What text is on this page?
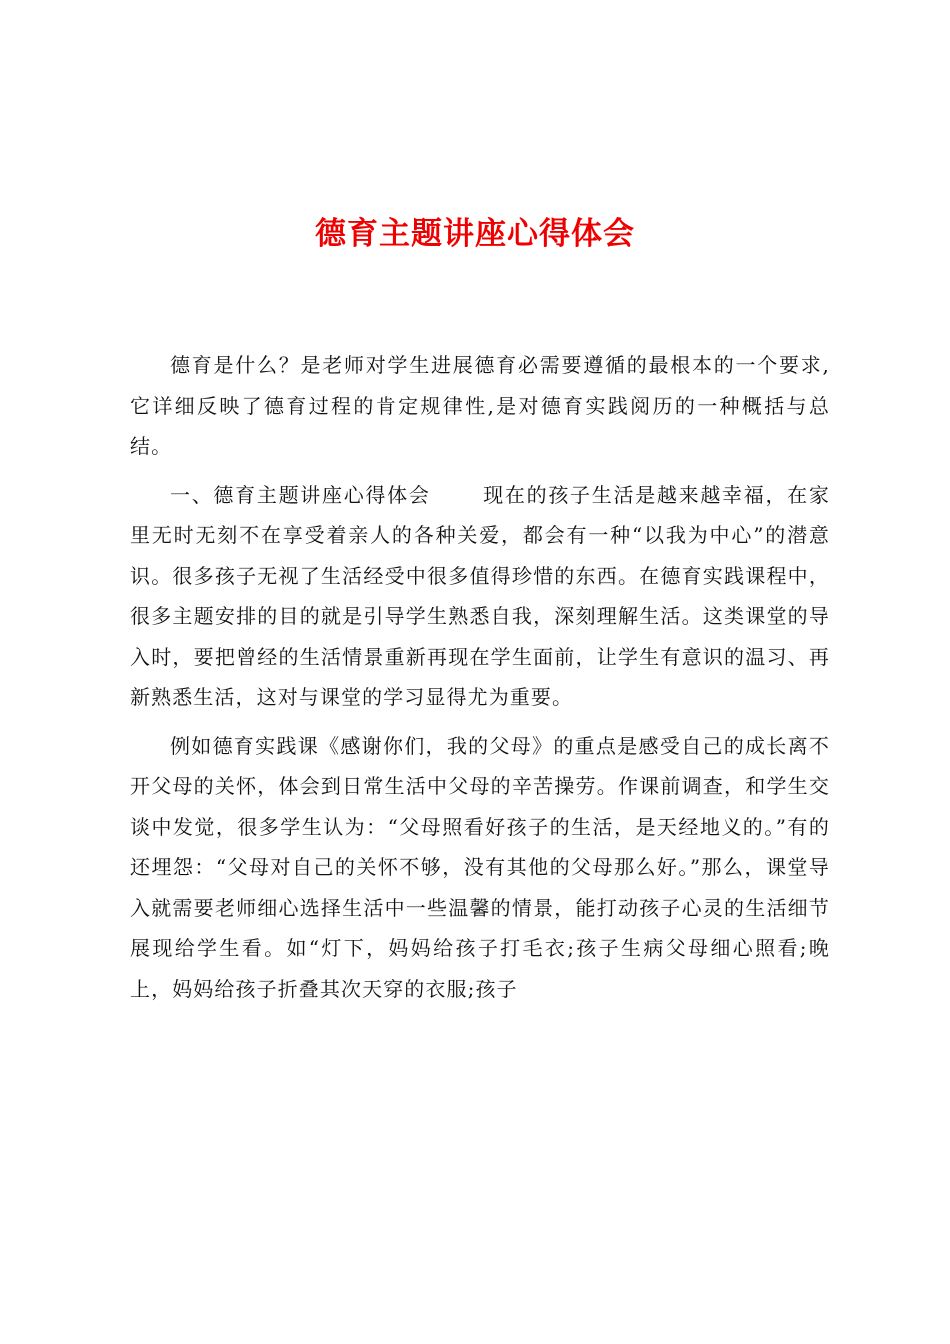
德育主题讲座心得体会

德育是什么？是老师对学生进展德育必需要遵循的最根本的一个要求,它详细反映了德育过程的肯定规律性,是对德育实践阅历的一种概括与总结。

一、德育主题讲座心得体会	现在的孩子生活是越来越幸福，在家里无时无刻不在享受着亲人的各种关爱，都会有一种“以我为中心”的潜意识。很多孩子无视了生活经受中很多值得珍惜的东西。在德育实践课程中，很多主题安排的目的就是引导学生熟悉自我，深刻理解生活。这类课堂的导入时，要把曾经的生活情景重新再现在学生面前，让学生有意识的温习、再新熟悉生活，这对与课堂的学习显得尤为重要。

例如德育实践课《感谢你们，我的父母》的重点是感受自己的成长离不开父母的关怀，体会到日常生活中父母的辛苦操劳。作课前调查，和学生交谈中发觉，很多学生认为：“父母照看好孩子的生活，是天经地义的。”有的还埋怨：“父母对自己的关怀不够，没有其他的父母那么好。”那么，课堂导入就需要老师细心选择生活中一些温馨的情景，能打动孩子心灵的生活细节展现给学生看。如“灯下，妈妈给孩子打毛衣;孩子生病父母细心照看;晚上，妈妈给孩子折叠其次天穿的衣服;孩子
